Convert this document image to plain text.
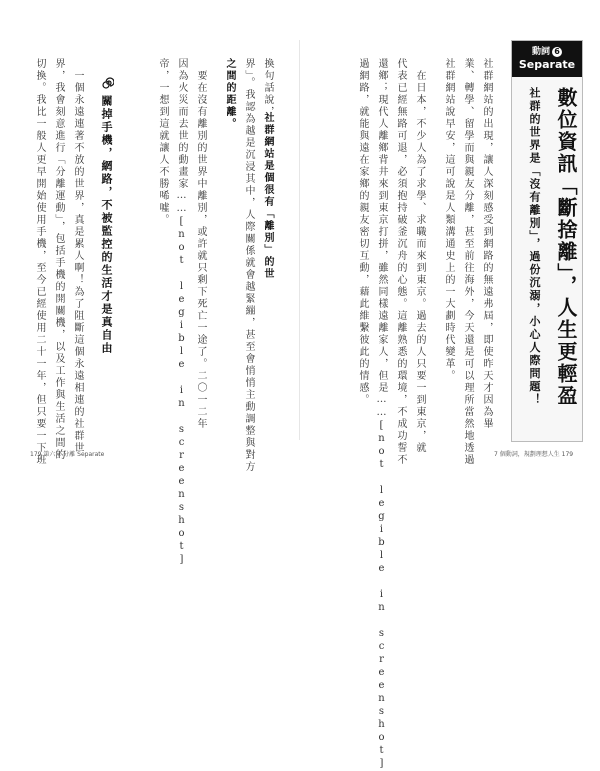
動詞 6
Separate
數位資訊「斷捨離」，人生更輕盈
社群的世界是「沒有離別」，過份沉溺，小心人際問題！
社群網站的出現，讓人深刻感受到網路的無遠弗屆，即使昨天才因為畢
業、轉學、留學而與親友分離，甚至前往海外，今天還是可以理所當然地透過
社群網站說早安，這可說是人類溝通史上的一大劃時代變革。
在日本，不少人為了求學、求職而來到東京。過去的人只要一到東京，就
代表已經無路可退，必須抱持破釜沉舟的心態。這離熟悉的環境，不成功誓不
還鄉；現代人離鄉背井來到東京打拼，雖然同樣遠離家人，但是……[not legible in screenshot]
過網路，就能與遠在家鄉的親友密切互動，藉此維繫彼此的情感。
7 個動詞，規劃理想人生 179
換句話說，
社群網站是個很有「離別」的世
界」。我認為越是沉浸其中，人際關係就會越緊繃，甚至會悄悄主動調整與對方
之間的距離。
要在沒有離別的世界中離別，或許就只剩下死亡一途了。二〇一二年
因為火災而去世的動畫家……[not legible in screenshot]
帝，一想到這就讓人不勝唏噓。
關掉手機，網路，不被監控的生活才是真自由
一個永遠連著不放的世界，真是累人啊！為了阻斷這個永遠相連的社群世
界，我會刻意進行「分離運動」，包括手機的開關機，以及工作與生活之間的
切換。我比一般人更早開始使用手機，至今已經使用二十一年，但只要一下班
179 第六章 分離 Separate
